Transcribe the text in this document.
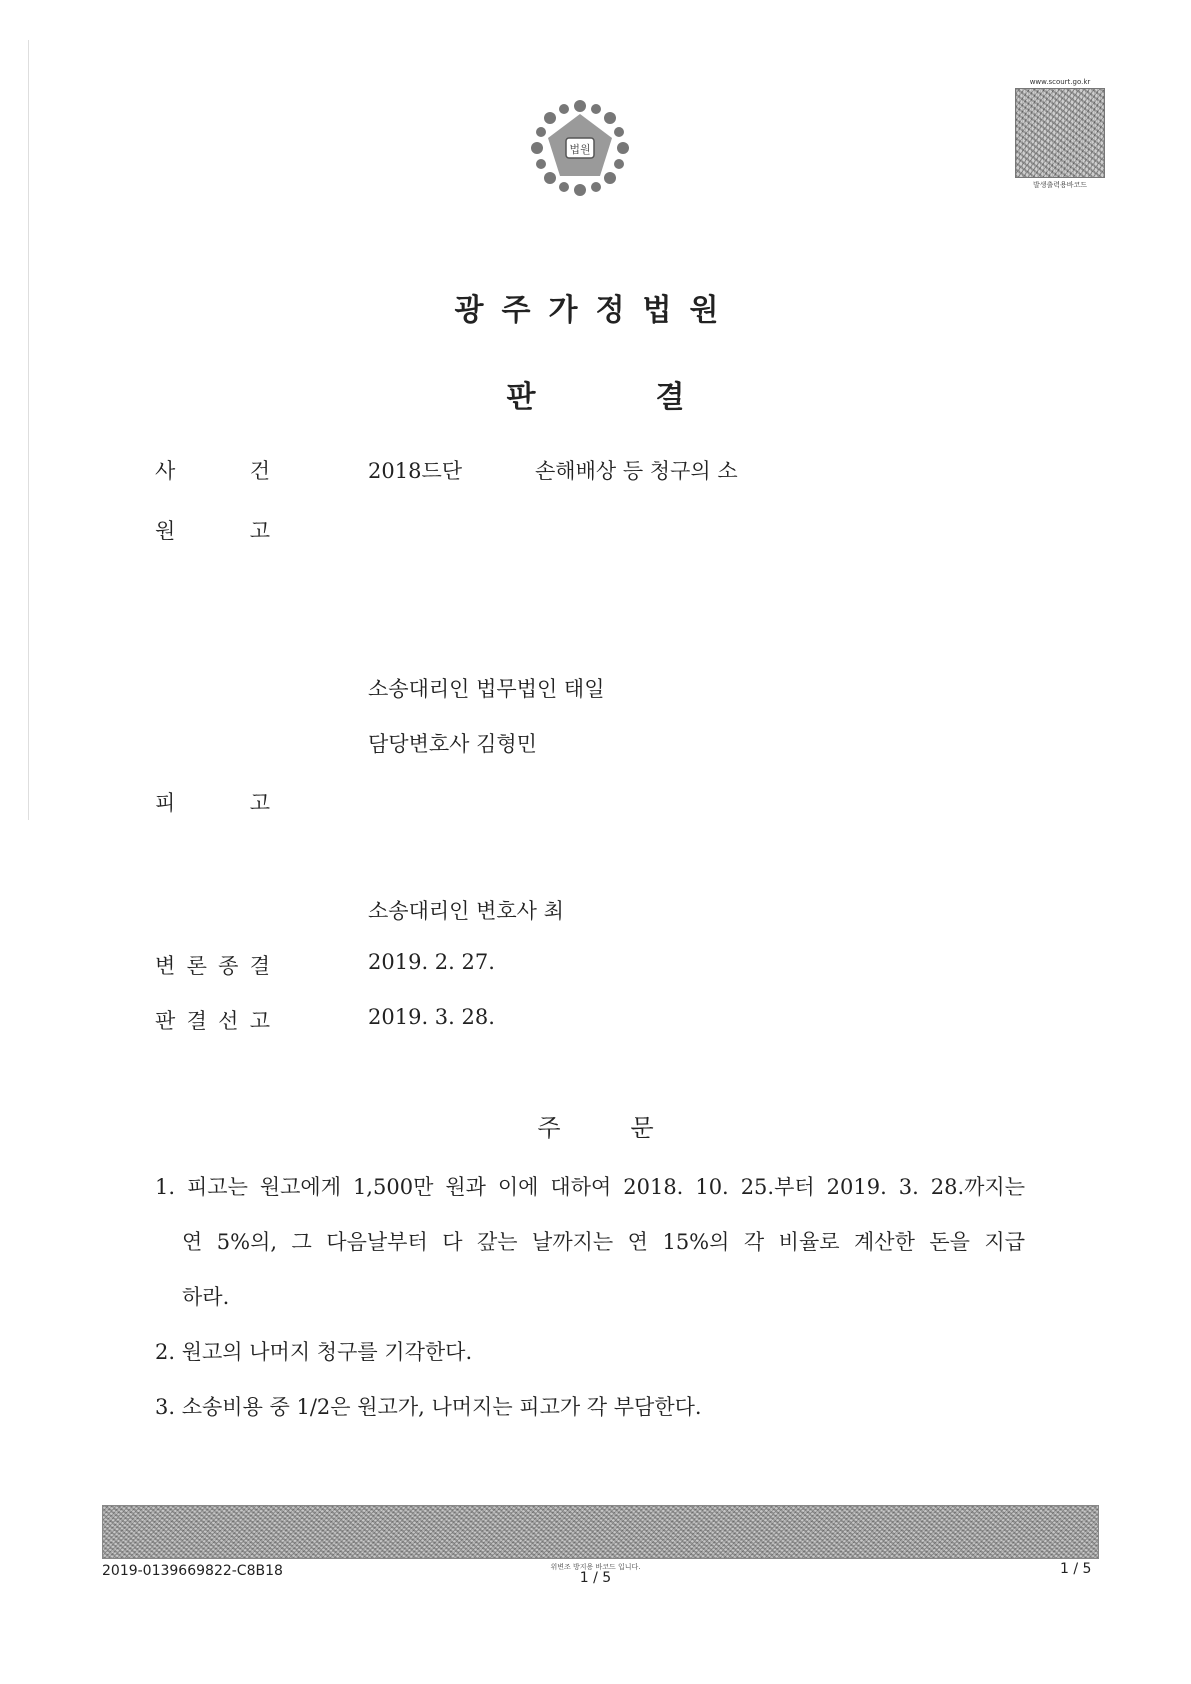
법원
www.scourt.go.kr
발생출력용바코드
광주가정법원
판	결
사	건	2018드단	손해배상 등 청구의 소
원	고
소송대리인 법무법인 태일
담당변호사 김형민
피	고
소송대리인 변호사 최
변 론 종 결	2019. 2. 27.
판 결 선 고	2019. 3. 28.
주	문
1. 피고는 원고에게 1,500만 원과 이에 대하여 2018. 10. 25.부터 2019. 3. 28.까지는
연 5%의, 그 다음날부터 다 갚는 날까지는 연 15%의 각 비율로 계산한 돈을 지급
하라.
2. 원고의 나머지 청구를 기각한다.
3. 소송비용 중 1/2은 원고가, 나머지는 피고가 각 부담한다.
2019-0139669822-C8B18	위변조 방지용 바코드 입니다.
1 / 5
1 / 5
